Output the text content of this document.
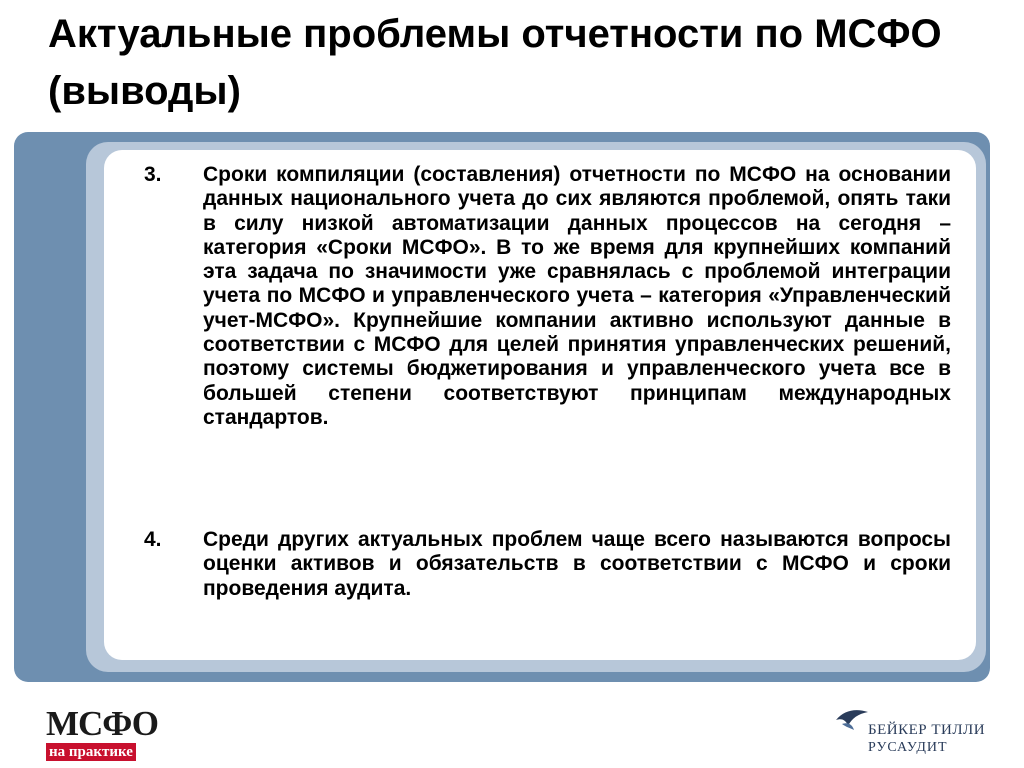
Актуальные проблемы отчетности по МСФО (выводы)
3. Сроки компиляции (составления) отчетности по МСФО на основании данных национального учета до сих являются проблемой, опять таки в силу низкой автоматизации данных процессов на сегодня – категория «Сроки МСФО». В то же время для крупнейших компаний эта задача по значимости уже сравнялась с проблемой интеграции учета по МСФО и управленческого учета – категория «Управленческий учет-МСФО». Крупнейшие компании активно используют данные в соответствии с МСФО для целей принятия управленческих решений, поэтому системы бюджетирования и управленческого учета все в большей степени соответствуют принципам международных стандартов.

4. Среди других актуальных проблем чаще всего называются вопросы оценки активов и обязательств в соответствии с МСФО и сроки проведения аудита.

МСФО
на практике
БЕЙКЕР ТИЛЛИ
РУСАУДИТ
